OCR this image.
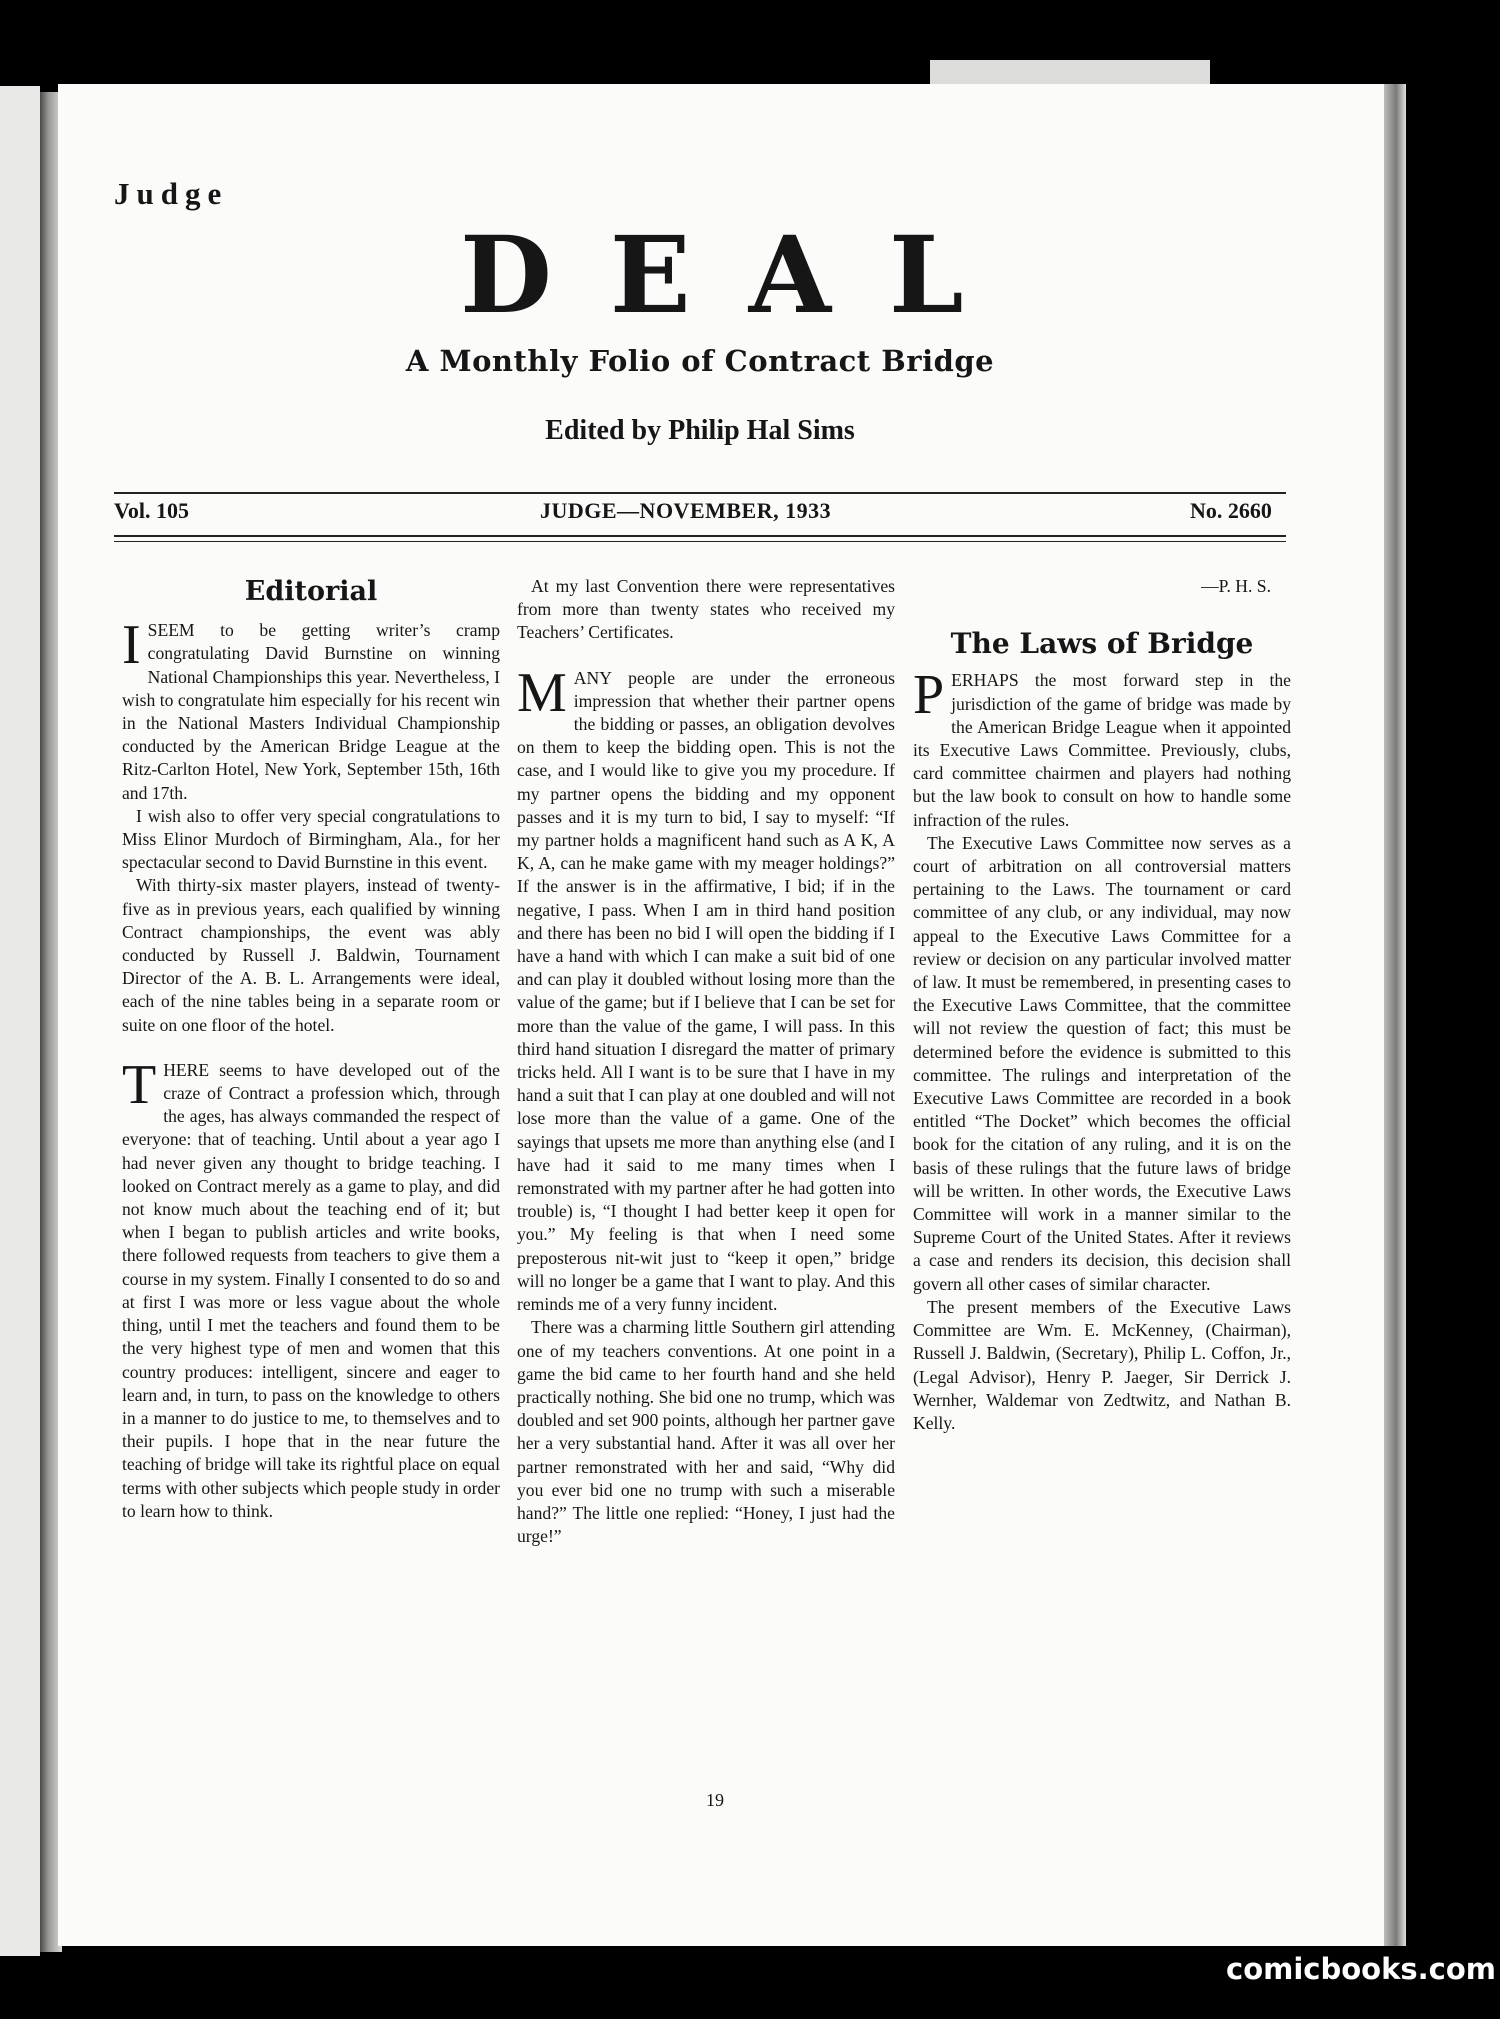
Judge
DEAL
A Monthly Folio of Contract Bridge
Edited by Philip Hal Sims
Vol. 105	JUDGE—NOVEMBER, 1933	No. 2660
Editorial

ISEEM to be getting writer’s cramp congratulating David Burnstine on winning National Championships this year. Nevertheless, I wish to congratulate him especially for his recent win in the National Masters Individual Championship conducted by the American Bridge League at the Ritz-Carlton Hotel, New York, September 15th, 16th and 17th.

I wish also to offer very special congratulations to Miss Elinor Murdoch of Birmingham, Ala., for her spectacular second to David Burnstine in this event.

With thirty-six master players, instead of twenty-five as in previous years, each qualified by winning Contract championships, the event was ably conducted by Russell J. Baldwin, Tournament Director of the A. B. L. Arrangements were ideal, each of the nine tables being in a separate room or suite on one floor of the hotel.

THERE seems to have developed out of the craze of Contract a profession which, through the ages, has always commanded the respect of everyone: that of teaching. Until about a year ago I had never given any thought to bridge teaching. I looked on Contract merely as a game to play, and did not know much about the teaching end of it; but when I began to publish articles and write books, there followed requests from teachers to give them a course in my system. Finally I consented to do so and at first I was more or less vague about the whole thing, until I met the teachers and found them to be the very highest type of men and women that this country produces: intelligent, sincere and eager to learn and, in turn, to pass on the knowledge to others in a manner to do justice to me, to themselves and to their pupils. I hope that in the near future the teaching of bridge will take its rightful place on equal terms with other subjects which people study in order to learn how to think.

At my last Convention there were representatives from more than twenty states who received my Teachers’ Certificates.

MANY people are under the erroneous impression that whether their partner opens the bidding or passes, an obligation devolves on them to keep the bidding open. This is not the case, and I would like to give you my procedure. If my partner opens the bidding and my opponent passes and it is my turn to bid, I say to myself: “If my partner holds a magnificent hand such as A K, A K, A, can he make game with my meager holdings?” If the answer is in the affirmative, I bid; if in the negative, I pass. When I am in third hand position and there has been no bid I will open the bidding if I have a hand with which I can make a suit bid of one and can play it doubled without losing more than the value of the game; but if I believe that I can be set for more than the value of the game, I will pass. In this third hand situation I disregard the matter of primary tricks held. All I want is to be sure that I have in my hand a suit that I can play at one doubled and will not lose more than the value of a game. One of the sayings that upsets me more than anything else (and I have had it said to me many times when I remonstrated with my partner after he had gotten into trouble) is, “I thought I had better keep it open for you.” My feeling is that when I need some preposterous nit-wit just to “keep it open,” bridge will no longer be a game that I want to play. And this reminds me of a very funny incident.

There was a charming little Southern girl attending one of my teachers conventions. At one point in a game the bid came to her fourth hand and she held practically nothing. She bid one no trump, which was doubled and set 900 points, although her partner gave her a very substantial hand. After it was all over her partner remonstrated with her and said, “Why did you ever bid one no trump with such a miserable hand?” The little one replied: “Honey, I just had the urge!”

—P. H. S.

The Laws of Bridge

PERHAPS the most forward step in the jurisdiction of the game of bridge was made by the American Bridge League when it appointed its Executive Laws Committee. Previously, clubs, card committee chairmen and players had nothing but the law book to consult on how to handle some infraction of the rules.

The Executive Laws Committee now serves as a court of arbitration on all controversial matters pertaining to the Laws. The tournament or card committee of any club, or any individual, may now appeal to the Executive Laws Committee for a review or decision on any particular involved matter of law. It must be remembered, in presenting cases to the Executive Laws Committee, that the committee will not review the question of fact; this must be determined before the evidence is submitted to this committee. The rulings and interpretation of the Executive Laws Committee are recorded in a book entitled “The Docket” which becomes the official book for the citation of any ruling, and it is on the basis of these rulings that the future laws of bridge will be written. In other words, the Executive Laws Committee will work in a manner similar to the Supreme Court of the United States. After it reviews a case and renders its decision, this decision shall govern all other cases of similar character.

The present members of the Executive Laws Committee are Wm. E. McKenney, (Chairman), Russell J. Baldwin, (Secretary), Philip L. Coffon, Jr., (Legal Advisor), Henry P. Jaeger, Sir Derrick J. Wernher, Waldemar von Zedtwitz, and Nathan B. Kelly.

19
comicbooks.com
